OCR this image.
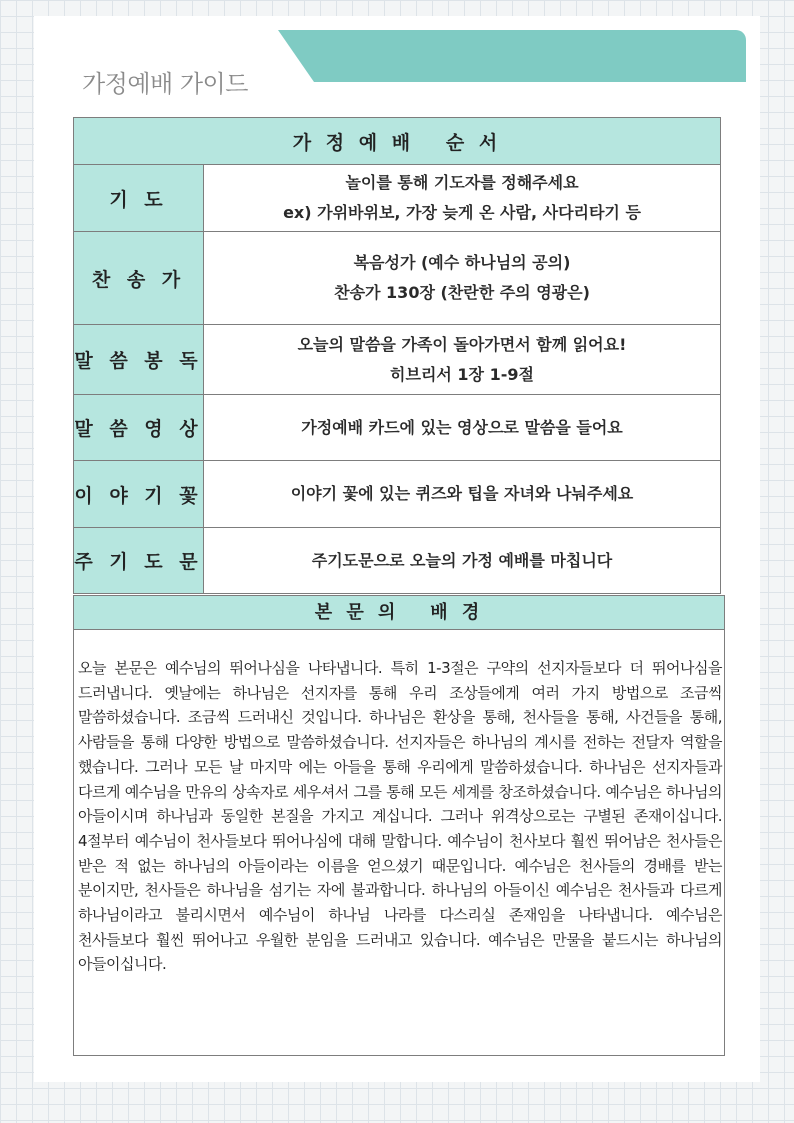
가정예배 가이드
가 정 예 배   순 서	
기 도	놀이를 통해 기도자를 정해주세요
ex) 가위바위보, 가장 늦게 온 사람, 사다리타기 등

찬 송 가	복음성가 (예수 하나님의 공의)
찬송가 130장 (찬란한 주의 영광은)

말 씀 봉 독	오늘의 말씀을 가족이 돌아가면서 함께 읽어요!
히브리서 1장 1-9절

말 씀 영 상	가정예배 카드에 있는 영상으로 말씀을 들어요

이 야 기 꽃	이야기 꽃에 있는 퀴즈와 팁을 자녀와 나눠주세요

주 기 도 문	주기도문으로 오늘의 가정 예배를 마칩니다
본 문 의   배 경
오늘 본문은 예수님의 뛰어나심을 나타냅니다. 특히 1-3절은 구약의 선지자들보다 더 뛰어나심을 드러냅니다. 옛날에는 하나님은 선지자를 통해 우리 조상들에게 여러 가지 방법으로 조금씩 말씀하셨습니다. 조금씩 드러내신 것입니다. 하나님은 환상을 통해, 천사들을 통해, 사건들을 통해, 사람들을 통해 다양한 방법으로 말씀하셨습니다. 선지자들은 하나님의 계시를 전하는 전달자 역할을 했습니다. 그러나 모든 날 마지막 에는 아들을 통해 우리에게 말씀하셨습니다. 하나님은 선지자들과 다르게 예수님을 만유의 상속자로 세우셔서 그를 통해 모든 세계를 창조하셨습니다. 예수님은 하나님의 아들이시며 하나님과 동일한 본질을 가지고 계십니다. 그러나 위격상으로는 구별된 존재이십니다. 4절부터 예수님이 천사들보다 뛰어나심에 대해 말합니다. 예수님이 천사보다 훨씬 뛰어남은 천사들은 받은 적 없는 하나님의 아들이라는 이름을 얻으셨기 때문입니다. 예수님은 천사들의 경배를 받는 분이지만, 천사들은 하나님을 섬기는 자에 불과합니다. 하나님의 아들이신 예수님은 천사들과 다르게 하나님이라고 불리시면서 예수님이 하나님 나라를 다스리실 존재임을 나타냅니다. 예수님은 천사들보다 훨씬 뛰어나고 우월한 분임을 드러내고 있습니다. 예수님은 만물을 붙드시는 하나님의 아들이십니다.
